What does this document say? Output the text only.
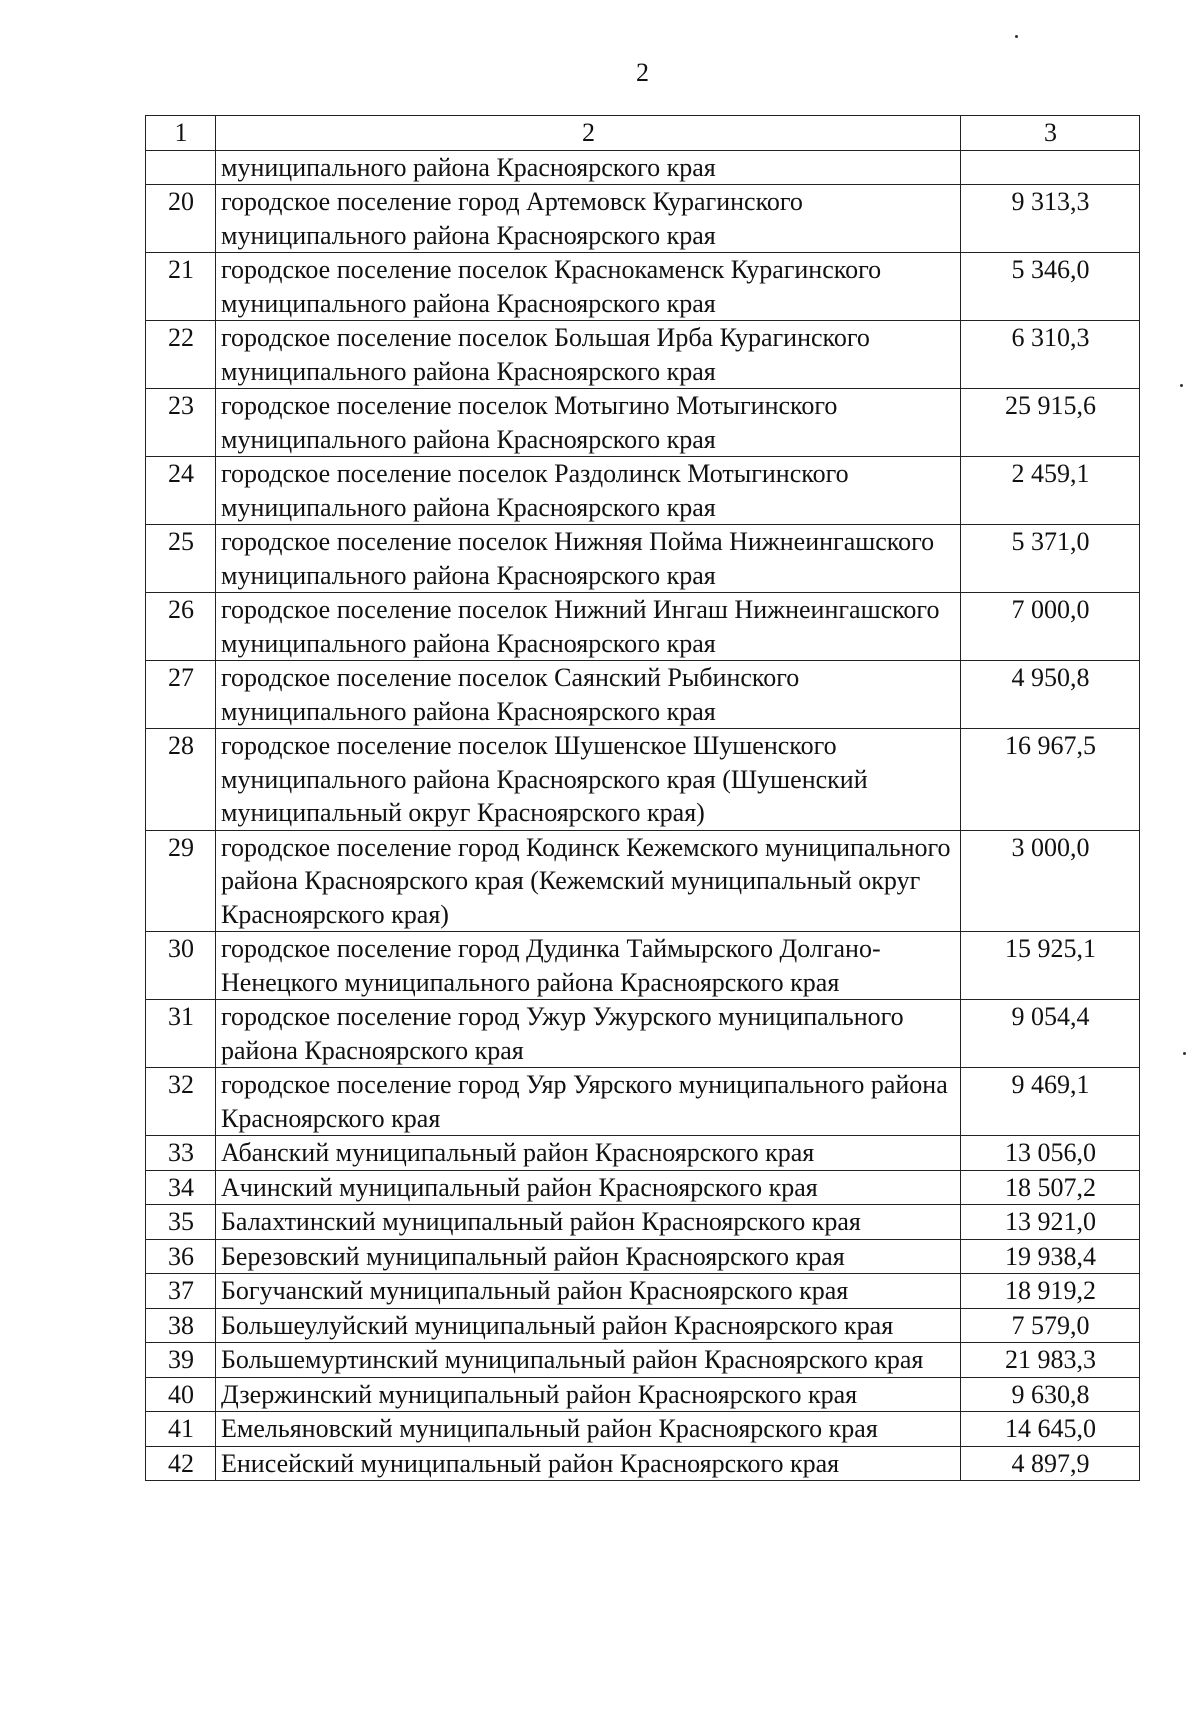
2
1	2	3
	муниципального района Красноярского края	
20	городское поселение город Артемовск Курагинского муниципального района Красноярского края	9 313,3
21	городское поселение поселок Краснокаменск Курагинского муниципального района Красноярского края	5 346,0
22	городское поселение поселок Большая Ирба Курагинского муниципального района Красноярского края	6 310,3
23	городское поселение поселок Мотыгино Мотыгинского муниципального района Красноярского края	25 915,6
24	городское поселение поселок Раздолинск Мотыгинского муниципального района Красноярского края	2 459,1
25	городское поселение поселок Нижняя Пойма Нижнеингашского муниципального района Красноярского края	5 371,0
26	городское поселение поселок Нижний Ингаш Нижнеингашского муниципального района Красноярского края	7 000,0
27	городское поселение поселок Саянский Рыбинского муниципального района Красноярского края	4 950,8
28	городское поселение поселок Шушенское Шушенского муниципального района Красноярского края (Шушенский муниципальный округ Красноярского края)	16 967,5
29	городское поселение город Кодинск Кежемского муниципального района Красноярского края (Кежемский муниципальный округ Красноярского края)	3 000,0
30	городское поселение город Дудинка Таймырского Долгано-Ненецкого муниципального района Красноярского края	15 925,1
31	городское поселение город Ужур Ужурского муниципального района Красноярского края	9 054,4
32	городское поселение город Уяр Уярского муниципального района Красноярского края	9 469,1
33	Абанский муниципальный район Красноярского края	13 056,0
34	Ачинский муниципальный район Красноярского края	18 507,2
35	Балахтинский муниципальный район Красноярского края	13 921,0
36	Березовский муниципальный район Красноярского края	19 938,4
37	Богучанский муниципальный район Красноярского края	18 919,2
38	Большеулуйский муниципальный район Красноярского края	7 579,0
39	Большемуртинский муниципальный район Красноярского края	21 983,3
40	Дзержинский муниципальный район Красноярского края	9 630,8
41	Емельяновский муниципальный район Красноярского края	14 645,0
42	Енисейский муниципальный район Красноярского края	4 897,9
